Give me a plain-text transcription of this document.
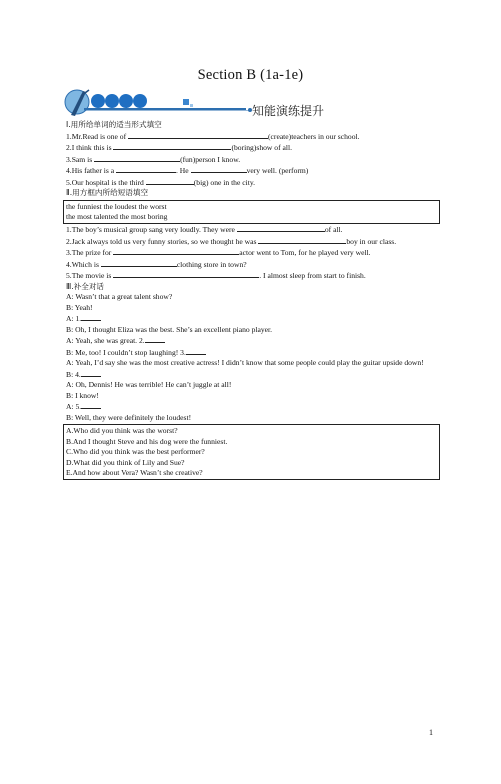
Section B (1a-1e)
知能演练提升
Ⅰ.用所给单词的适当形式填空
1.Mr.Read is one of	(create)teachers in our school.
2.I think this is	(boring)show of all.
3.Sam is	(fun)person I know.
4.His father is a	. He	very well. (perform)
5.Our hospital is the third	(big) one in the city.
Ⅱ.用方框内所给短语填空
the funniest the loudest the worst
the most talented the most boring
1.The boy’s musical group sang very loudly. They were	of all.
2.Jack always told us very funny stories, so we thought he was	boy in our class.
3.The prize for	actor went to Tom, for he played very well.
4.Which is	clothing store in town?
5.The movie is	. I almost sleep from start to finish.
Ⅲ.补全对话
A: Wasn’t that a great talent show?
B: Yeah!
A: 1.
B: Oh, I thought Eliza was the best. She’s an excellent piano player.
A: Yeah, she was great. 2.
B: Me, too! I couldn’t stop laughing! 3.
A: Yeah, I’d say she was the most creative actress! I didn’t know that some people could play the guitar upside down!
B: 4.
A: Oh, Dennis! He was terrible! He can’t juggle at all!
B: I know!
A: 5.
B: Well, they were definitely the loudest!
A.Who did you think was the worst?
B.And I thought Steve and his dog were the funniest.
C.Who did you think was the best performer?
D.What did you think of Lily and Sue?
E.And how about Vera? Wasn’t she creative?
1
